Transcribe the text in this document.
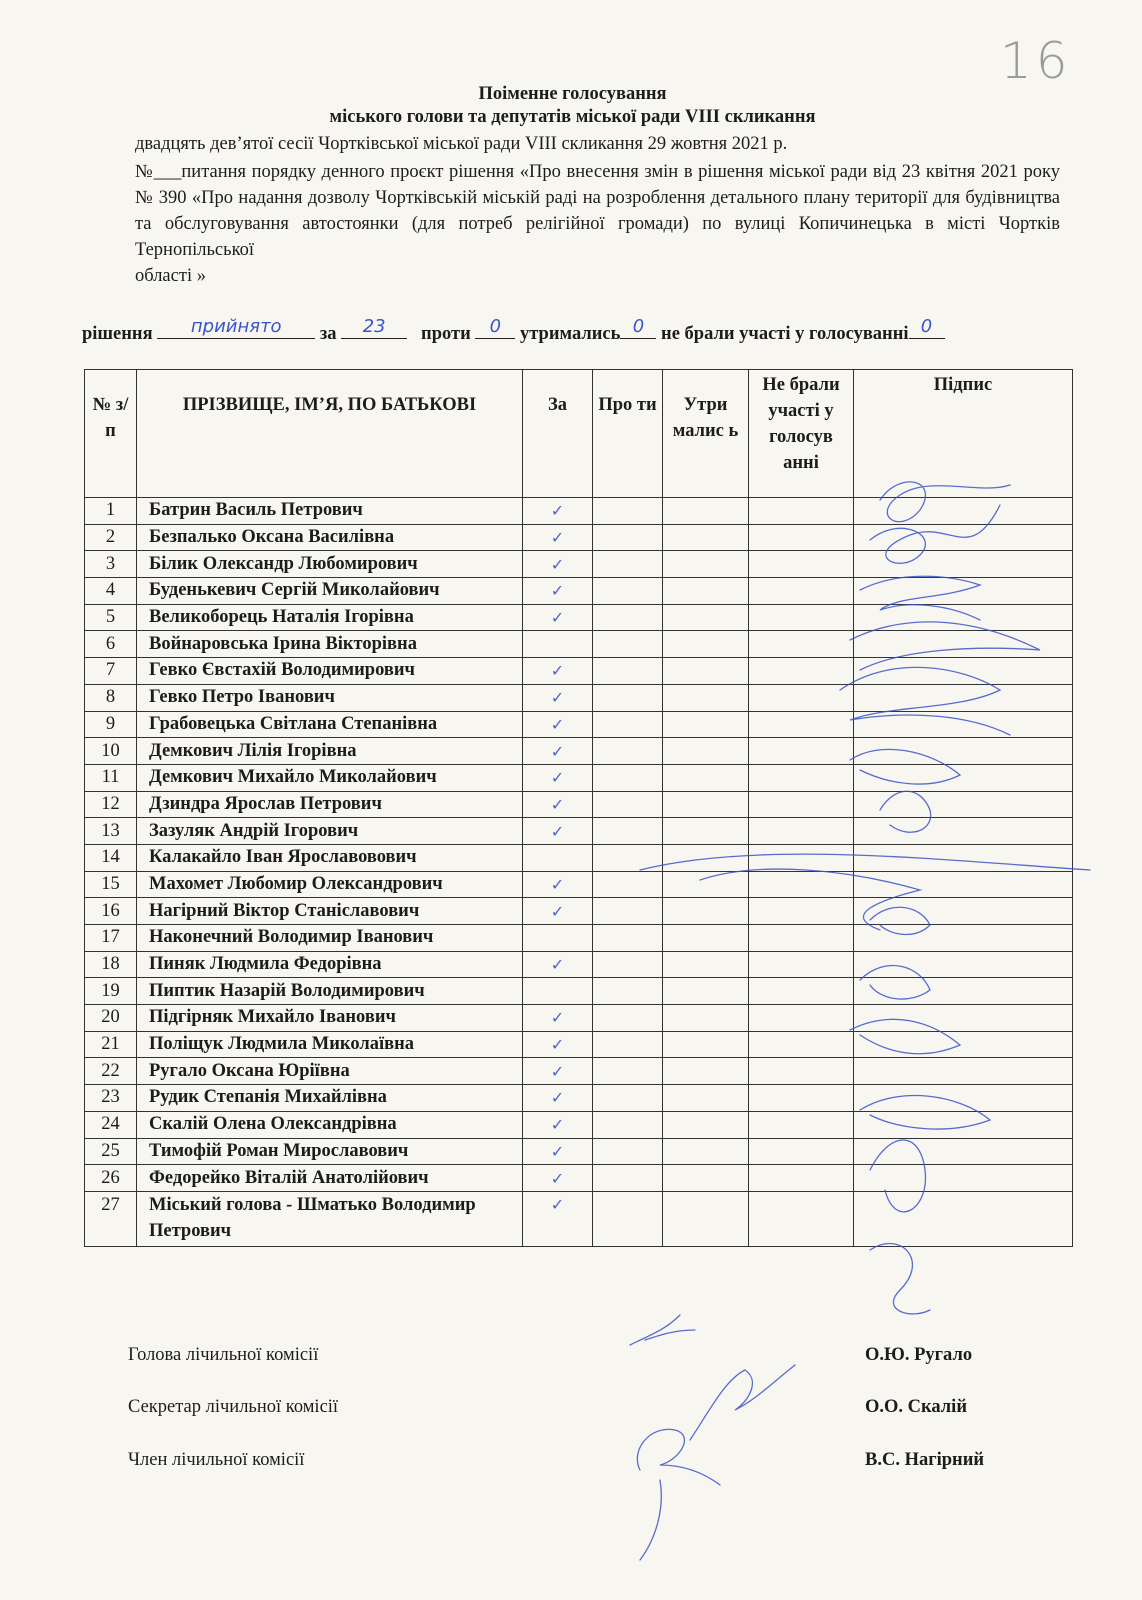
16
Поіменне голосування
міського голови та депутатів міської ради VIII скликання
двадцять дев’ятої сесії Чортківської міської ради VIII скликання 29 жовтня 2021 р.
№___питання порядку денного проєкт рішення «Про внесення змін в рішення міської ради від 23 квітня 2021 року № 390 «Про надання дозволу Чортківській міській раді на розроблення детального плану території для будівництва та обслуговування автостоянки (для потреб релігійної громади) по вулиці Копичинецька в місті Чортків Тернопільської
області »
рішення	прийнято	за	23	проти	0	утримались 0 не брали участі у голосуванні 0
№ з/п	ПРІЗВИЩЕ, ІМ’Я, ПО БАТЬКОВІ	За	Про ти	Утри малис ь	Не брали участі у голосув анні	Підпис
1	Батрин Василь Петрович	✓				
2	Безпалько Оксана Василівна	✓				
3	Білик Олександр Любомирович	✓				
4	Буденькевич Сергій Миколайович	✓				
5	Великоборець Наталія Ігорівна	✓				
6	Войнаровська Ірина Вікторівна					
7	Гевко Євстахій Володимирович	✓				
8	Гевко Петро Іванович	✓				
9	Грабовецька Світлана Степанівна	✓				
10	Демкович Лілія Ігорівна	✓				
11	Демкович Михайло Миколайович	✓				
12	Дзиндра Ярослав Петрович	✓				
13	Зазуляк Андрій Ігорович	✓				
14	Калакайло Іван Ярославовович					
15	Махомет Любомир Олександрович	✓				
16	Нагірний Віктор Станіславович	✓				
17	Наконечний Володимир Іванович					
18	Пиняк Людмила Федорівна	✓				
19	Пиптик Назарій Володимирович					
20	Підгірняк Михайло Іванович	✓				
21	Поліщук Людмила Миколаївна	✓				
22	Ругало Оксана Юріївна	✓				
23	Рудик Степанія Михайлівна	✓				
24	Скалій Олена Олександрівна	✓				
25	Тимофій Роман Мирославович	✓				
26	Федорейко Віталій Анатолійович	✓				
27	Міський голова - Шматько Володимир Петрович	✓				
Голова лічильної комісії	О.Ю. Ругало
Секретар лічильної комісії	О.О. Скалій
Член лічильної комісії	В.С. Нагірний
